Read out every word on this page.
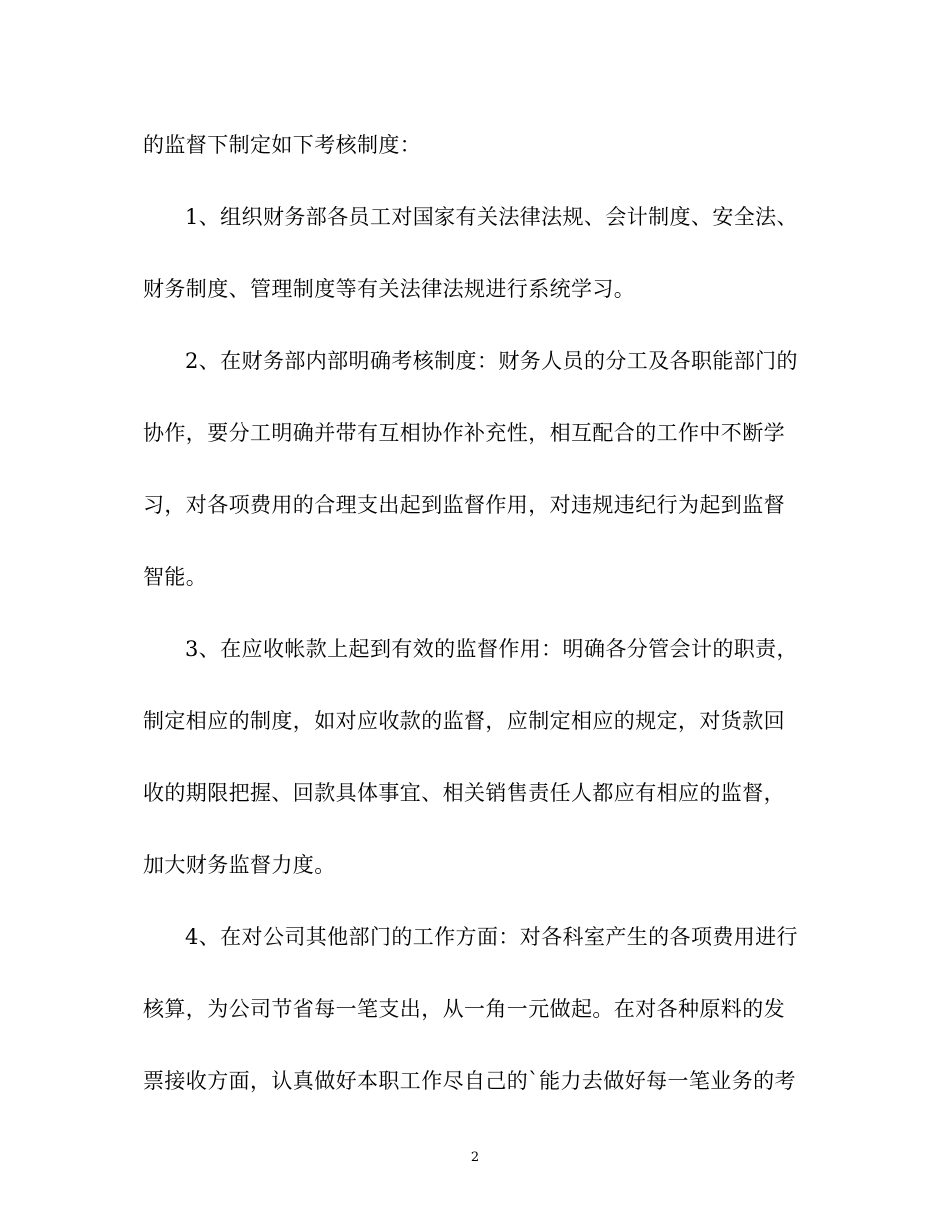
的监督下制定如下考核制度：
1、组织财务部各员工对国家有关法律法规、会计制度、安全法、
财务制度、管理制度等有关法律法规进行系统学习。
2、在财务部内部明确考核制度：财务人员的分工及各职能部门的
协作，要分工明确并带有互相协作补充性，相互配合的工作中不断学
习，对各项费用的合理支出起到监督作用，对违规违纪行为起到监督
智能。
3、在应收帐款上起到有效的监督作用：明确各分管会计的职责，
制定相应的制度，如对应收款的监督，应制定相应的规定，对货款回
收的期限把握、回款具体事宜、相关销售责任人都应有相应的监督，
加大财务监督力度。
4、在对公司其他部门的工作方面：对各科室产生的各项费用进行
核算，为公司节省每一笔支出，从一角一元做起。在对各种原料的发
票接收方面，认真做好本职工作尽自己的`能力去做好每一笔业务的考
2
